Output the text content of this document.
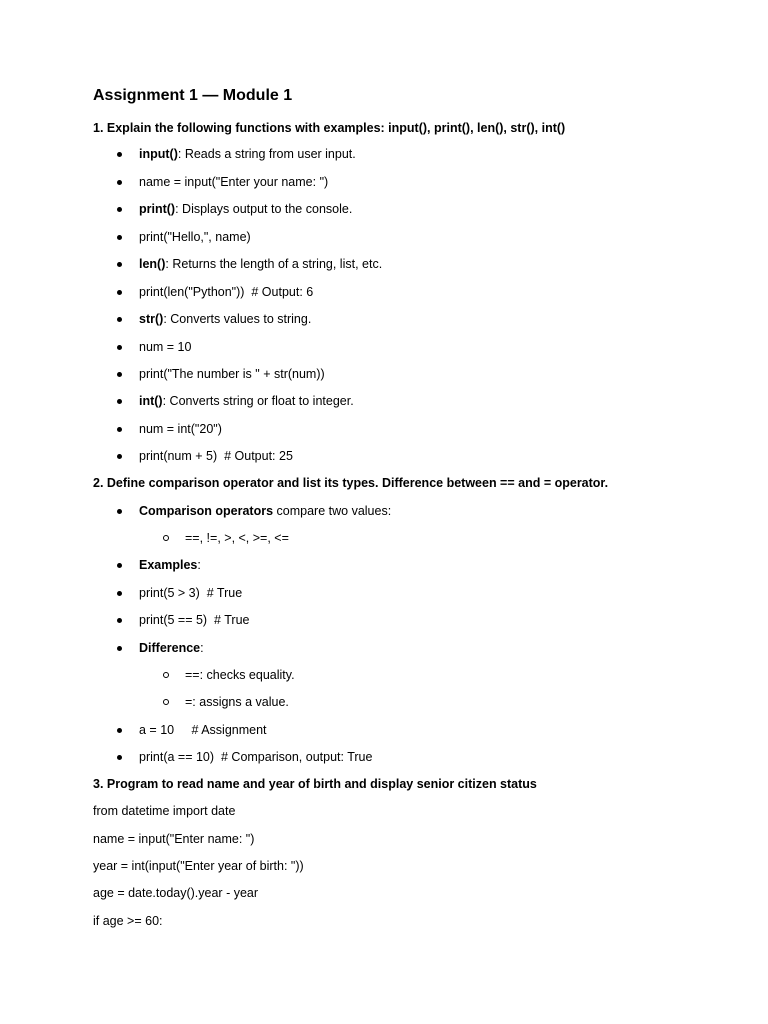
Assignment 1 — Module 1
1. Explain the following functions with examples: input(), print(), len(), str(), int()
input(): Reads a string from user input.
name = input("Enter your name: ")
print(): Displays output to the console.
print("Hello,", name)
len(): Returns the length of a string, list, etc.
print(len("Python"))  # Output: 6
str(): Converts values to string.
num = 10
print("The number is " + str(num))
int(): Converts string or float to integer.
num = int("20")
print(num + 5)  # Output: 25
2. Define comparison operator and list its types. Difference between == and = operator.
Comparison operators compare two values:
==, !=, >, <, >=, <=
Examples:
print(5 > 3)  # True
print(5 == 5)  # True
Difference:
==: checks equality.
=: assigns a value.
a = 10     # Assignment
print(a == 10)  # Comparison, output: True
3. Program to read name and year of birth and display senior citizen status
from datetime import date
name = input("Enter name: ")
year = int(input("Enter year of birth: "))
age = date.today().year - year
if age >= 60:
